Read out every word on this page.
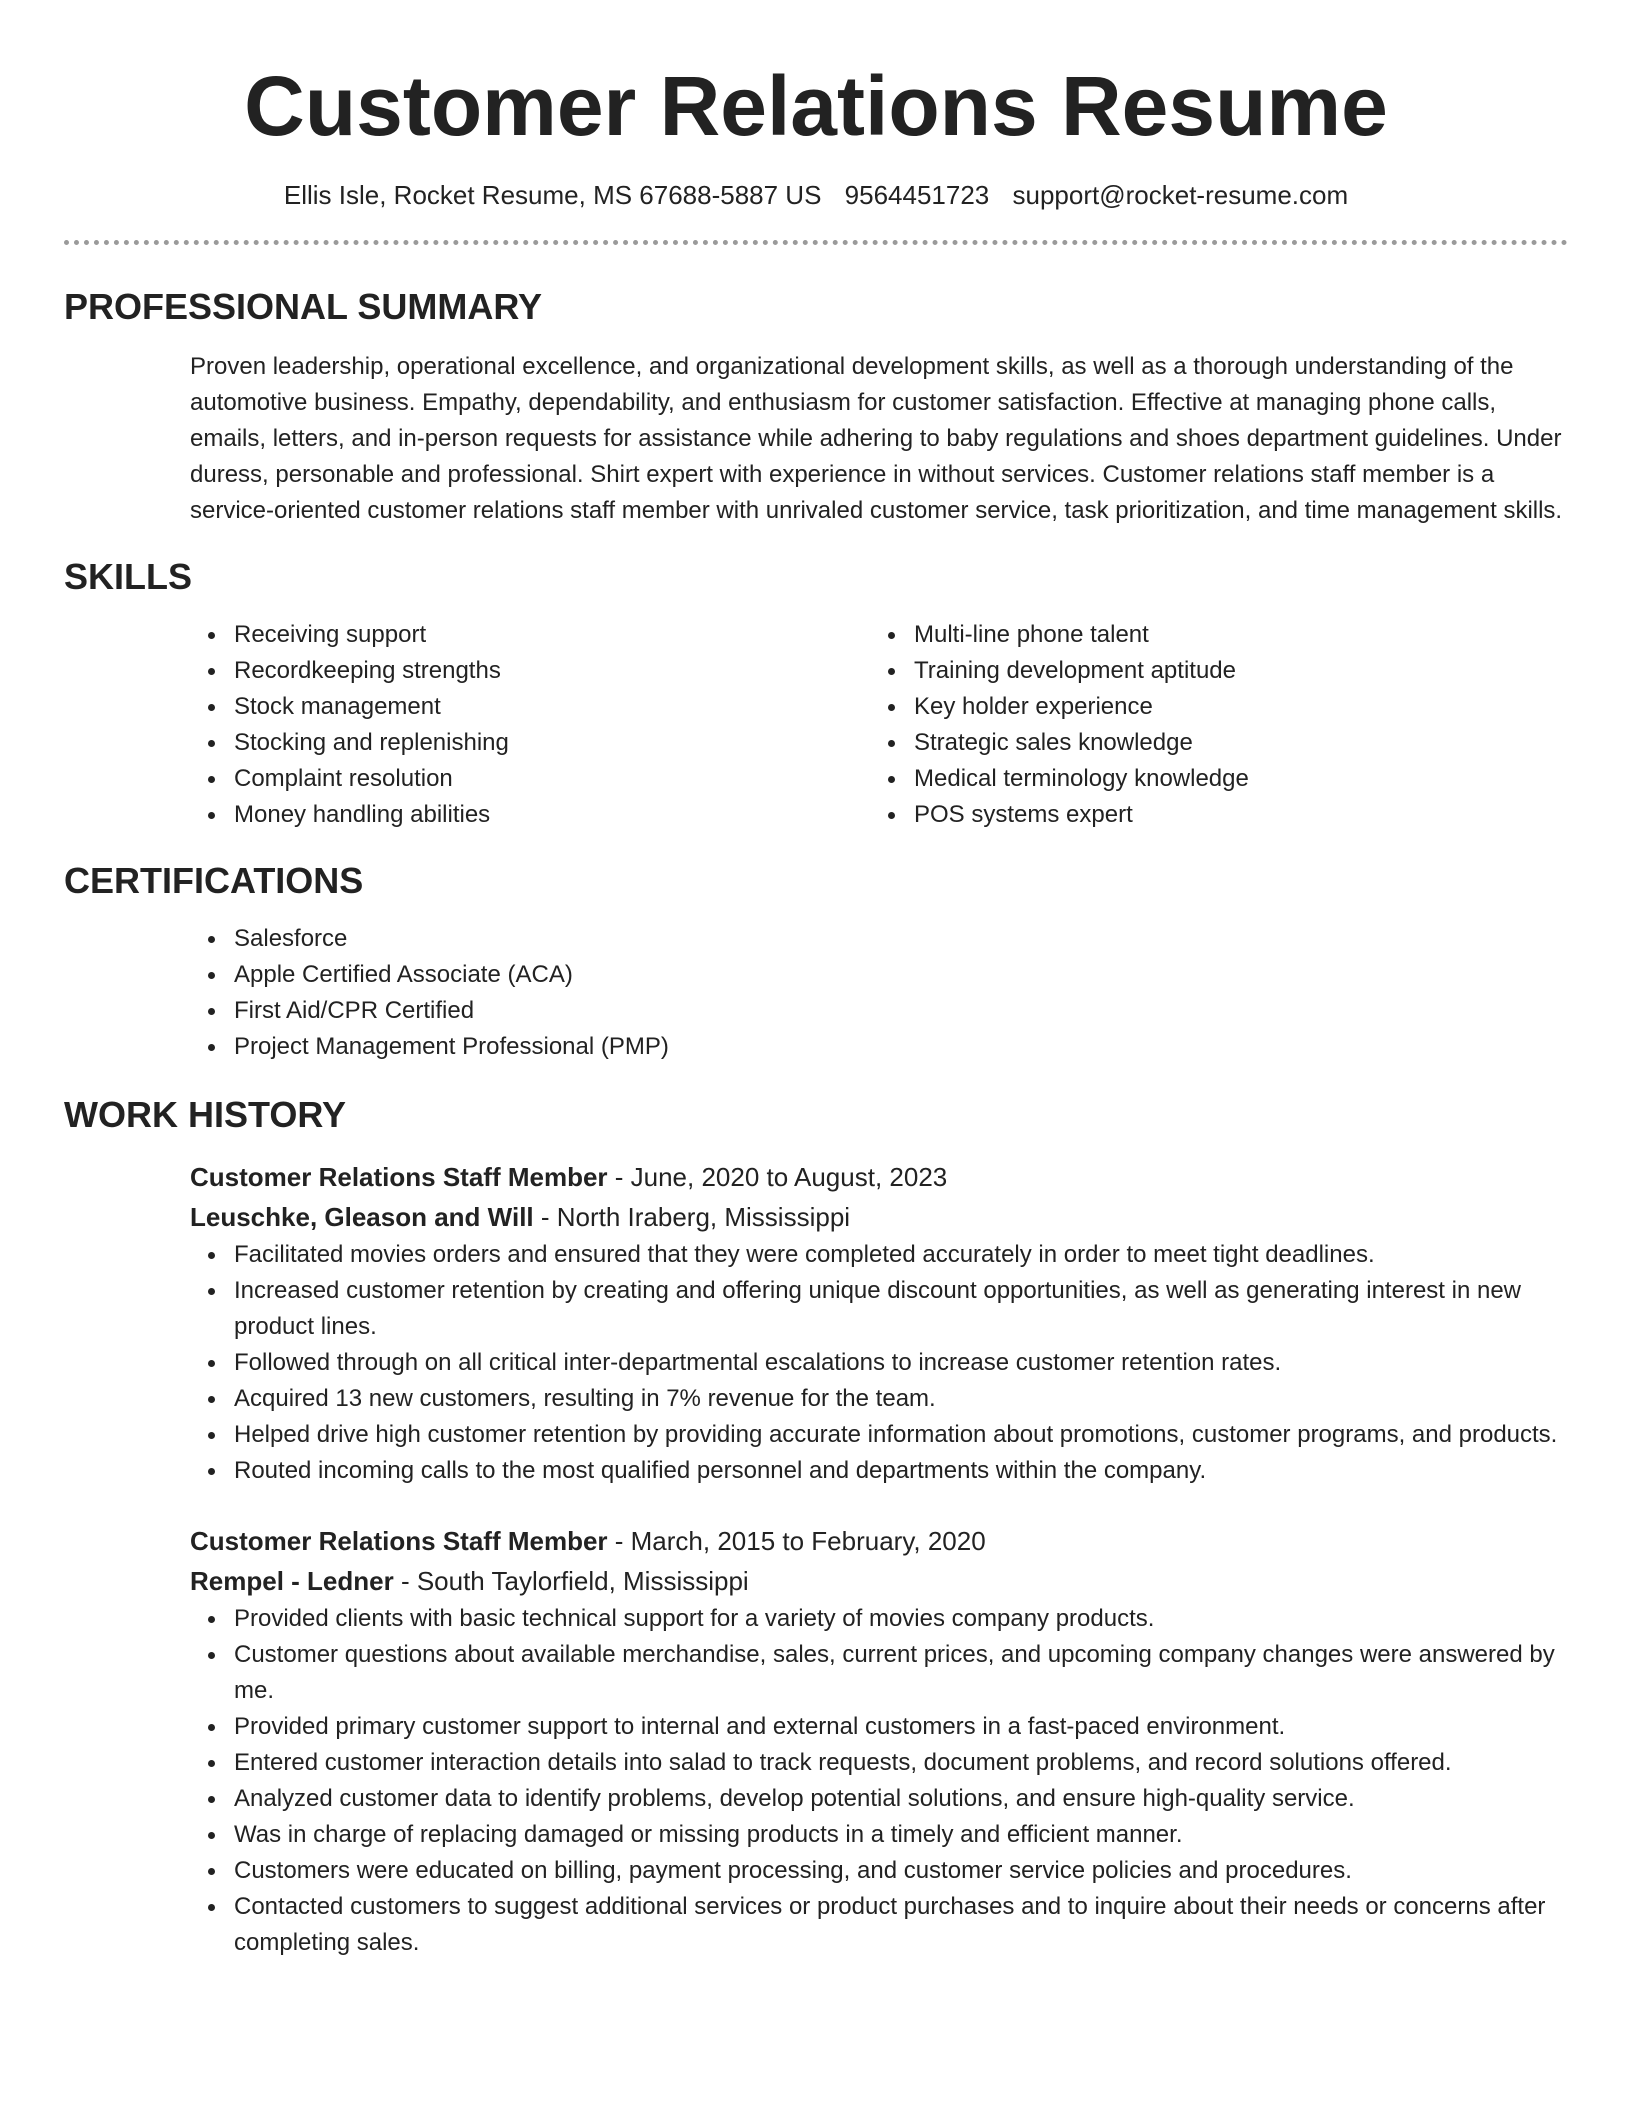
Customer Relations Resume
Ellis Isle, Rocket Resume, MS 67688-5887 US 9564451723 support@rocket-resume.com
PROFESSIONAL SUMMARY
Proven leadership, operational excellence, and organizational development skills, as well as a thorough understanding of the automotive business. Empathy, dependability, and enthusiasm for customer satisfaction. Effective at managing phone calls, emails, letters, and in-person requests for assistance while adhering to baby regulations and shoes department guidelines. Under duress, personable and professional. Shirt expert with experience in without services. Customer relations staff member is a service-oriented customer relations staff member with unrivaled customer service, task prioritization, and time management skills.
SKILLS
Receiving support
Recordkeeping strengths
Stock management
Stocking and replenishing
Complaint resolution
Money handling abilities
Multi-line phone talent
Training development aptitude
Key holder experience
Strategic sales knowledge
Medical terminology knowledge
POS systems expert
CERTIFICATIONS
Salesforce
Apple Certified Associate (ACA)
First Aid/CPR Certified
Project Management Professional (PMP)
WORK HISTORY
Customer Relations Staff Member - June, 2020 to August, 2023
Leuschke, Gleason and Will - North Iraberg, Mississippi
Facilitated movies orders and ensured that they were completed accurately in order to meet tight deadlines.
Increased customer retention by creating and offering unique discount opportunities, as well as generating interest in new product lines.
Followed through on all critical inter-departmental escalations to increase customer retention rates.
Acquired 13 new customers, resulting in 7% revenue for the team.
Helped drive high customer retention by providing accurate information about promotions, customer programs, and products.
Routed incoming calls to the most qualified personnel and departments within the company.
Customer Relations Staff Member - March, 2015 to February, 2020
Rempel - Ledner - South Taylorfield, Mississippi
Provided clients with basic technical support for a variety of movies company products.
Customer questions about available merchandise, sales, current prices, and upcoming company changes were answered by me.
Provided primary customer support to internal and external customers in a fast-paced environment.
Entered customer interaction details into salad to track requests, document problems, and record solutions offered.
Analyzed customer data to identify problems, develop potential solutions, and ensure high-quality service.
Was in charge of replacing damaged or missing products in a timely and efficient manner.
Customers were educated on billing, payment processing, and customer service policies and procedures.
Contacted customers to suggest additional services or product purchases and to inquire about their needs or concerns after completing sales.
